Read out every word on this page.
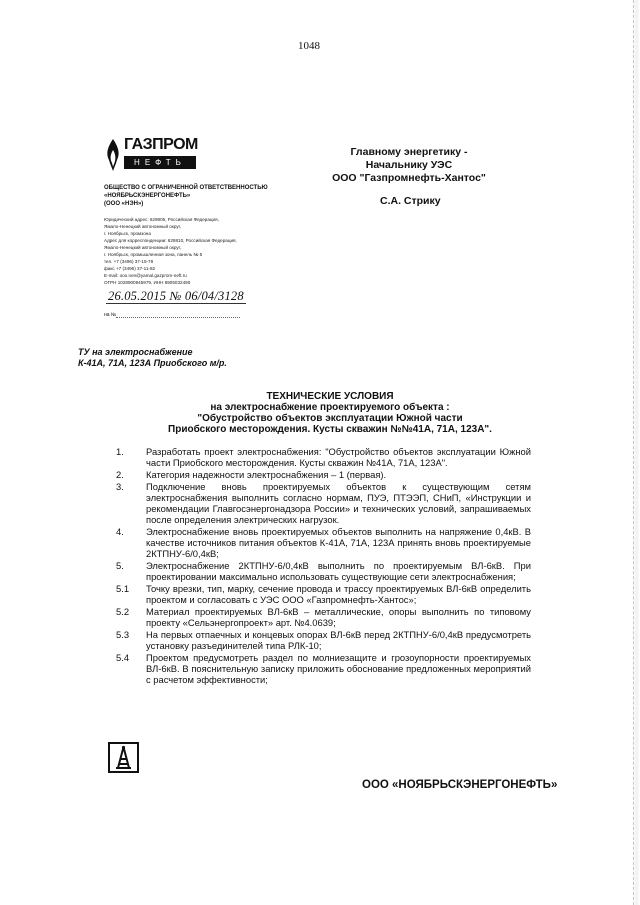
1048
ГАЗПРОМ
НЕФТЬ
ОБЩЕСТВО С ОГРАНИЧЕННОЙ ОТВЕТСТВЕННОСТЬЮ
«НОЯБРЬСКЭНЕРГОНЕФТЬ»
(ООО «НЭН»)
Юридический адрес: 629805, Российская Федерация,
Ямало-Ненецкий автономный округ,
г. Ноябрьск, промзона
Адрес для корреспонденции: 629810, Российская Федерация,
Ямало-Ненецкий автономный округ,
г. Ноябрьск, промышленная зона, панель № 5
тел. +7 (3496) 37-15-78
факс +7 (3496) 37-11-82
E-mail: ooo.nen@yamal.gazprom-neft.ru
ОГРН 1028900945979, ИНН 8905032490
26.05.2015 № 06/04/3128
на №
Главному энергетику -
Начальнику УЭС
ООО "Газпромнефть-Хантос"
С.А. Стрику
ТУ на электроснабжение
К-41А, 71А, 123А Приобского м/р.
ТЕХНИЧЕСКИЕ УСЛОВИЯ
на электроснабжение проектируемого объекта :
"Обустройство объектов эксплуатации Южной части
Приобского месторождения. Кусты скважин №№41А, 71А, 123А".
1. Разработать проект электроснабжения: "Обустройство объектов эксплуатации Южной части Приобского месторождения. Кусты скважин №41А, 71А, 123А".
2. Категория надежности электроснабжения – 1 (первая).
3. Подключение вновь проектируемых объектов к существующим сетям электроснабжения выполнить согласно нормам, ПУЭ, ПТЭЭП, СНиП, «Инструкции и рекомендации Главгосэнергонадзора России» и технических условий, запрашиваемых после определения электрических нагрузок.
4. Электроснабжение вновь проектируемых объектов выполнить на напряжение 0,4кВ. В качестве источников питания объектов К-41А, 71А, 123А принять вновь проектируемые 2КТПНУ-6/0,4кВ;
5. Электроснабжение 2КТПНУ-6/0,4кВ выполнить по проектируемым ВЛ-6кВ. При проектировании максимально использовать существующие сети электроснабжения;
5.1 Точку врезки, тип, марку, сечение провода и трассу проектируемых ВЛ-6кВ определить проектом и согласовать с УЭС ООО «Газпромнефть-Хантос»;
5.2 Материал проектируемых ВЛ-6кВ – металлические, опоры выполнить по типовому проекту «Сельэнергопроект» арт. №4.0639;
5.3 На первых отпаечных и концевых опорах ВЛ-6кВ перед 2КТПНУ-6/0,4кВ предусмотреть установку разъединителей типа РЛК-10;
5.4 Проектом предусмотреть раздел по молниезащите и грозоупорности проектируемых ВЛ-6кВ. В пояснительную записку приложить обоснование предложенных мероприятий с расчетом эффективности;
ООО «НОЯБРЬСКЭНЕРГОНЕФТЬ»
